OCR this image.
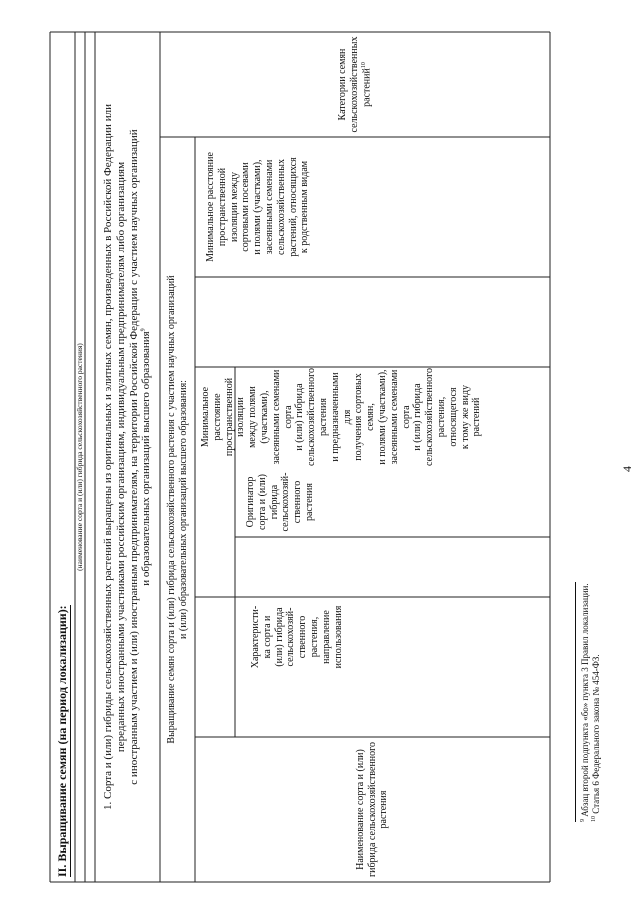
4
II. Выращивание семян (на период локализации):
(наименование сорта и (или) гибрида сельскохозяйственного растения)
1. Сорта и (или) гибриды сельскохозяйственных растений выращены из оригинальных и элитных семян, произведенных в Российской Федерации или
переданных иностранными участниками российским организациям, индивидуальным предпринимателям либо организациям
с иностранным участием и (или) иностранным предпринимателям, на территории Российской Федерации с участием научных организаций
и образовательных организаций высшего образования$^9$
Выращивание семян сорта и (или) гибрида сельскохозяйственного растения с участием научных организаций
и (или) образовательных организаций высшего образования:
Наименование сорта и (или)
гибрида сельскохозяйственного
растения
Характеристи-
ка сорта и
(или) гибрида
сельскохозяй-
ственного
растения,
направление
использования
Оригинатор
сорта и (или)
гибрида
сельскохозяй-
ственного
растения
Минимальное расстояние
пространственной изоляции
между полями (участками),
засеянными семенами сорта
и (или) гибрида
сельскохозяйственного
растения
и предназначенными для
получения сортовых семян,
и полями (участками),
засеянными семенами сорта
и (или) гибрида
сельскохозяйственного
растения, относящегося
к тому же виду растений
Минимальное расстояние
пространственной
изоляции между
сортовыми посевами
и полями (участками),
засеянными семенами
сельскохозяйственных
растений, относящихся
к родственным видам
Категории семян
сельскохозяйственных
растений$^{10}$
$^9$ Абзац второй подпункта «бо» пункта 3 Правил локализации.
$^{10}$ Статья 6 Федерального закона № 454-ФЗ.
